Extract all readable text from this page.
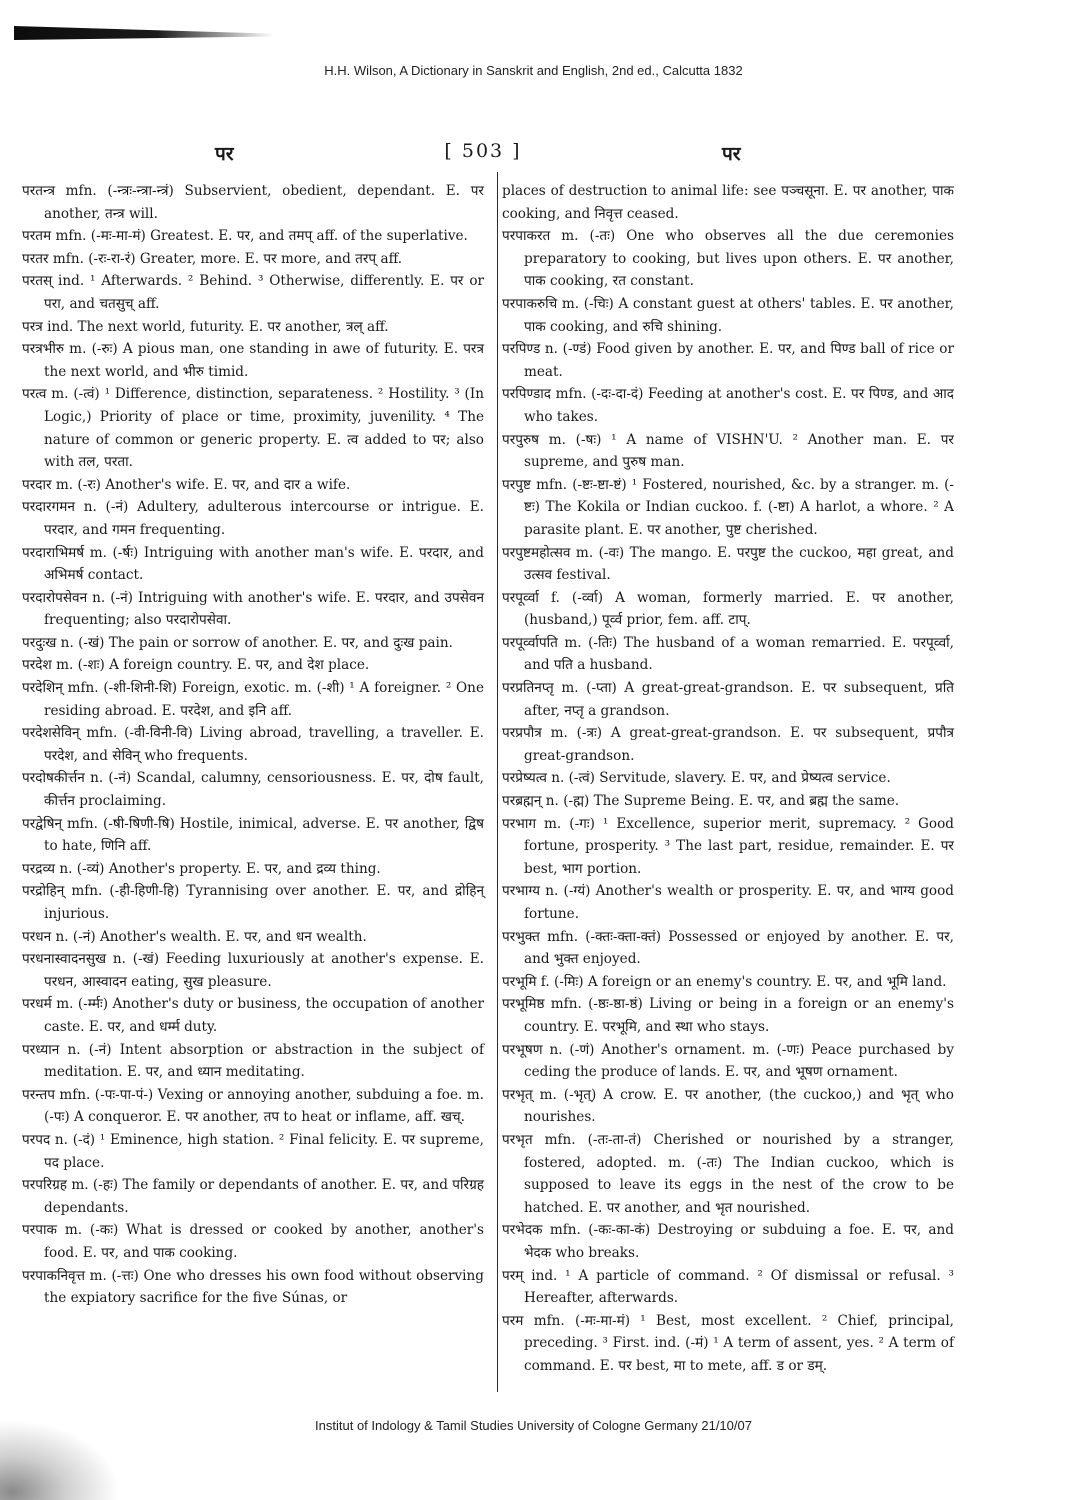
H.H. Wilson, A Dictionary in Sanskrit and English, 2nd ed., Calcutta 1832
पर	[ 503 ]	पर
परतन्त्र mfn. (-न्त्रः-न्त्रा-न्त्रं) Subservient, obedient, dependant. E. पर another, तन्त्र will.
परतम mfn. (-मः-मा-मं) Greatest. E. पर, and तमप् aff. of the superlative.
परतर mfn. (-रः-रा-रं) Greater, more. E. पर more, and तरप् aff.
परतस् ind. ¹ Afterwards. ² Behind. ³ Otherwise, differently. E. पर or परा, and चतसुच् aff.
परत्र ind. The next world, futurity. E. पर another, त्रल् aff.
परत्रभीरु m. (-रुः) A pious man, one standing in awe of futurity. E. परत्र the next world, and भीरु timid.
परत्व m. (-त्वं) ¹ Difference, distinction, separateness. ² Hostility. ³ (In Logic,) Priority of place or time, proximity, juvenility. ⁴ The nature of common or generic property. E. त्व added to पर; also with तल, परता.
परदार m. (-रः) Another's wife. E. पर, and दार a wife.
परदारगमन n. (-नं) Adultery, adulterous intercourse or intrigue. E. परदार, and गमन frequenting.
परदाराभिमर्ष m. (-र्षः) Intriguing with another man's wife. E. परदार, and अभिमर्ष contact.
परदारोपसेवन n. (-नं) Intriguing with another's wife. E. परदार, and उपसेवन frequenting; also परदारोपसेवा.
परदुःख n. (-खं) The pain or sorrow of another. E. पर, and दुःख pain.
परदेश m. (-शः) A foreign country. E. पर, and देश place.
परदेशिन् mfn. (-शी-शिनी-शि) Foreign, exotic. m. (-शी) ¹ A foreigner. ² One residing abroad. E. परदेश, and इनि aff.
परदेशसेविन् mfn. (-वी-विनी-वि) Living abroad, travelling, a traveller. E. परदेश, and सेविन् who frequents.
परदोषकीर्त्तन n. (-नं) Scandal, calumny, censoriousness. E. पर, दोष fault, कीर्त्तन proclaiming.
परद्वेषिन् mfn. (-षी-षिणी-षि) Hostile, inimical, adverse. E. पर another, द्विष to hate, णिनि aff.
परद्रव्य n. (-व्यं) Another's property. E. पर, and द्रव्य thing.
परद्रोहिन् mfn. (-ही-हिणी-हि) Tyrannising over another. E. पर, and द्रोहिन् injurious.
परधन n. (-नं) Another's wealth. E. पर, and धन wealth.
परधनास्वादनसुख n. (-खं) Feeding luxuriously at another's expense. E. परधन, आस्वादन eating, सुख pleasure.
परधर्म m. (-र्म्मः) Another's duty or business, the occupation of another caste. E. पर, and धर्म्म duty.
परध्यान n. (-नं) Intent absorption or abstraction in the subject of meditation. E. पर, and ध्यान meditating.
परन्तप mfn. (-पः-पा-पं-) Vexing or annoying another, subduing a foe. m. (-पः) A conqueror. E. पर another, तप to heat or inflame, aff. खच्.
परपद n. (-दं) ¹ Eminence, high station. ² Final felicity. E. पर supreme, पद place.
परपरिग्रह m. (-हः) The family or dependants of another. E. पर, and परिग्रह dependants.
परपाक m. (-कः) What is dressed or cooked by another, another's food. E. पर, and पाक cooking.
परपाकनिवृत्त m. (-त्तः) One who dresses his own food without observing the expiatory sacrifice for the five Súnas, or
places of destruction to animal life: see पञ्चसूना. E. पर another, पाक cooking, and निवृत्त ceased.
परपाकरत m. (-तः) One who observes all the due ceremonies preparatory to cooking, but lives upon others. E. पर another, पाक cooking, रत constant.
परपाकरुचि m. (-चिः) A constant guest at others' tables. E. पर another, पाक cooking, and रुचि shining.
परपिण्ड n. (-ण्डं) Food given by another. E. पर, and पिण्ड ball of rice or meat.
परपिण्डाद mfn. (-दः-दा-दं) Feeding at another's cost. E. पर पिण्ड, and आद who takes.
परपुरुष m. (-षः) ¹ A name of VISHN'U. ² Another man. E. पर supreme, and पुरुष man.
परपुष्ट mfn. (-ष्टः-ष्टा-ष्टं) ¹ Fostered, nourished, &c. by a stranger. m. (-ष्टः) The Kokila or Indian cuckoo. f. (-ष्टा) A harlot, a whore. ² A parasite plant. E. पर another, पुष्ट cherished.
परपुष्टमहोत्सव m. (-वः) The mango. E. परपुष्ट the cuckoo, महा great, and उत्सव festival.
परपूर्व्वा f. (-र्व्वा) A woman, formerly married. E. पर another, (husband,) पूर्व्व prior, fem. aff. टाप्.
परपूर्व्वापति m. (-तिः) The husband of a woman remarried. E. परपूर्व्वा, and पति a husband.
परप्रतिनप्तृ m. (-प्ता) A great-great-grandson. E. पर subsequent, प्रति after, नप्तृ a grandson.
परप्रपौत्र m. (-त्रः) A great-great-grandson. E. पर subsequent, प्रपौत्र great-grandson.
परप्रेष्यत्व n. (-त्वं) Servitude, slavery. E. पर, and प्रेष्यत्व service.
परब्रह्मन् n. (-ह्म) The Supreme Being. E. पर, and ब्रह्म the same.
परभाग m. (-गः) ¹ Excellence, superior merit, supremacy. ² Good fortune, prosperity. ³ The last part, residue, remainder. E. पर best, भाग portion.
परभाग्य n. (-ग्यं) Another's wealth or prosperity. E. पर, and भाग्य good fortune.
परभुक्त mfn. (-क्तः-क्ता-क्तं) Possessed or enjoyed by another. E. पर, and भुक्त enjoyed.
परभूमि f. (-मिः) A foreign or an enemy's country. E. पर, and भूमि land.
परभूमिष्ठ mfn. (-ष्ठः-ष्ठा-ष्ठं) Living or being in a foreign or an enemy's country. E. परभूमि, and स्था who stays.
परभूषण n. (-णं) Another's ornament. m. (-णः) Peace purchased by ceding the produce of lands. E. पर, and भूषण ornament.
परभृत् m. (-भृत्) A crow. E. पर another, (the cuckoo,) and भृत् who nourishes.
परभृत mfn. (-तः-ता-तं) Cherished or nourished by a stranger, fostered, adopted. m. (-तः) The Indian cuckoo, which is supposed to leave its eggs in the nest of the crow to be hatched. E. पर another, and भृत nourished.
परभेदक mfn. (-कः-का-कं) Destroying or subduing a foe. E. पर, and भेदक who breaks.
परम् ind. ¹ A particle of command. ² Of dismissal or refusal. ³ Hereafter, afterwards.
परम mfn. (-मः-मा-मं) ¹ Best, most excellent. ² Chief, principal, preceding. ³ First. ind. (-मं) ¹ A term of assent, yes. ² A term of command. E. पर best, मा to mete, aff. ड or डम्.
Institut of Indology & Tamil Studies University of Cologne Germany 21/10/07
